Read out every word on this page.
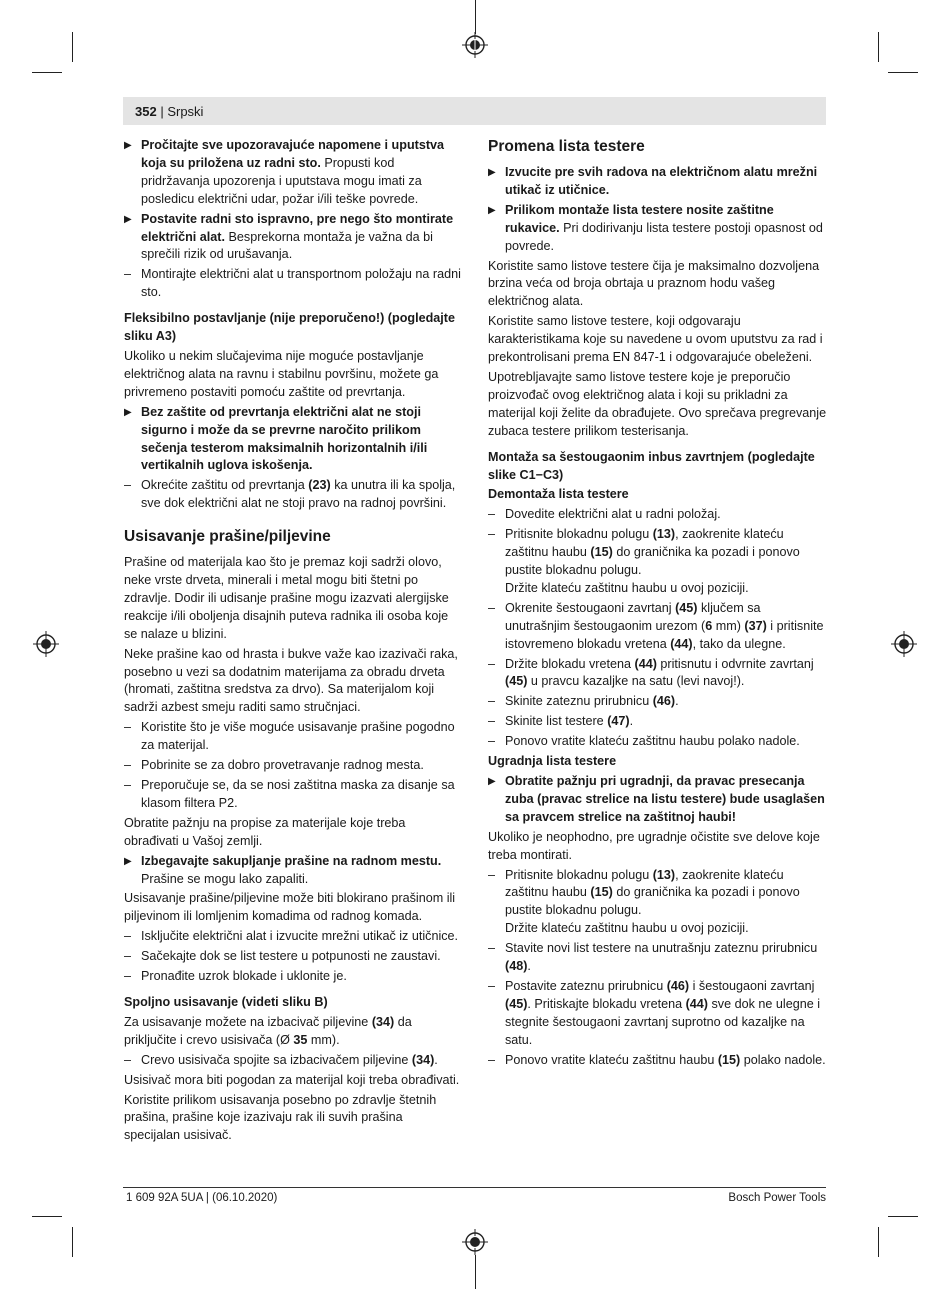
352 | Srpski
▶ Pročitajte sve upozoravajuće napomene i uputstva koja su priložena uz radni sto. Propusti kod pridržavanja upozorenja i uputstava mogu imati za posledicu električni udar, požar i/ili teške povrede.
▶ Postavite radni sto ispravno, pre nego što montirate električni alat. Besprekorna montaža je važna da bi sprečili rizik od urušavanja.
– Montirajte električni alat u transportnom položaju na radni sto.
Fleksibilno postavljanje (nije preporučeno!) (pogledajte sliku A3)
Ukoliko u nekim slučajevima nije moguće postavljanje električnog alata na ravnu i stabilnu površinu, možete ga privremeno postaviti pomoću zaštite od prevrtanja.
▶ Bez zaštite od prevrtanja električni alat ne stoji sigurno i može da se prevrne naročito prilikom sečenja testerom maksimalnih horizontalnih i/ili vertikalnih uglova iskošenja.
– Okrećite zaštitu od prevrtanja (23) ka unutra ili ka spolja, sve dok električni alat ne stoji pravo na radnoj površini.
Usisavanje prašine/piljevine
Prašine od materijala kao što je premaz koji sadrži olovo, neke vrste drveta, minerali i metal mogu biti štetni po zdravlje. Dodir ili udisanje prašine mogu izazvati alergijske reakcije i/ili oboljenja disajnih puteva radnika ili osoba koje se nalaze u blizini.
Neke prašine kao od hrasta i bukve važe kao izazivači raka, posebno u vezi sa dodatnim materijama za obradu drveta (hromati, zaštitna sredstva za drvo). Sa materijalom koji sadrži azbest smeju raditi samo stručnjaci.
– Koristite što je više moguće usisavanje prašine pogodno za materijal.
– Pobrinite se za dobro provetravanje radnog mesta.
– Preporučuje se, da se nosi zaštitna maska za disanje sa klasom filtera P2.
Obratite pažnju na propise za materijale koje treba obrađivati u Vašoj zemlji.
▶ Izbegavajte sakupljanje prašine na radnom mestu. Prašine se mogu lako zapaliti.
Usisavanje prašine/piljevine može biti blokirano prašinom ili piljevinom ili lomljenim komadima od radnog komada.
– Isključite električni alat i izvucite mrežni utikač iz utičnice.
– Sačekajte dok se list testere u potpunosti ne zaustavi.
– Pronađite uzrok blokade i uklonite je.
Spoljno usisavanje (videti sliku B)
Za usisavanje možete na izbacivač piljevine (34) da priključite i crevo usisivača (Ø 35 mm).
– Crevo usisivača spojite sa izbacivačem piljevine (34).
Usisivač mora biti pogodan za materijal koji treba obrađivati.
Koristite prilikom usisavanja posebno po zdravlje štetnih prašina, prašine koje izazivaju rak ili suvih prašina specijalan usisivač.
Promena lista testere
▶ Izvucite pre svih radova na električnom alatu mrežni utikač iz utičnice.
▶ Prilikom montaže lista testere nosite zaštitne rukavice. Pri dodirivanju lista testere postoji opasnost od povrede.
Koristite samo listove testere čija je maksimalno dozvoljena brzina veća od broja obrtaja u praznom hodu vašeg električnog alata.
Koristite samo listove testere, koji odgovaraju karakteristikama koje su navedene u ovom uputstvu za rad i prekontrolisani prema EN 847-1 i odgovarajuće obeleženi.
Upotrebljavajte samo listove testere koje je preporučio proizvođač ovog električnog alata i koji su prikladni za materijal koji želite da obrađujete. Ovo sprečava pregrevanje zubaca testere prilikom testerisanja.
Montaža sa šestougaonim inbus zavrtnjem (pogledajte slike C1−C3)
Demontaža lista testere
– Dovedite električni alat u radni položaj.
– Pritisnite blokadnu polugu (13), zaokrenite klateću zaštitnu haubu (15) do graničnika ka pozadi i ponovo pustite blokadnu polugu.
Držite klateću zaštitnu haubu u ovoj poziciji.
– Okrenite šestougaoni zavrtanj (45) ključem sa unutrašnjim šestougaonim urezom (6 mm) (37) i pritisnite istovremeno blokadu vretena (44), tako da ulegne.
– Držite blokadu vretena (44) pritisnutu i odvrnite zavrtanj (45) u pravcu kazaljke na satu (levi navoj!).
– Skinite zateznu prirubnicu (46).
– Skinite list testere (47).
– Ponovo vratite klateću zaštitnu haubu polako nadole.
Ugradnja lista testere
▶ Obratite pažnju pri ugradnji, da pravac presecanja zuba (pravac strelice na listu testere) bude usaglašen sa pravcem strelice na zaštitnoj haubi!
Ukoliko je neophodno, pre ugradnje očistite sve delove koje treba montirati.
– Pritisnite blokadnu polugu (13), zaokrenite klateću zaštitnu haubu (15) do graničnika ka pozadi i ponovo pustite blokadnu polugu.
Držite klateću zaštitnu haubu u ovoj poziciji.
– Stavite novi list testere na unutrašnju zateznu prirubnicu (48).
– Postavite zateznu prirubnicu (46) i šestougaoni zavrtanj (45). Pritiskajte blokadu vretena (44) sve dok ne ulegne i stegnite šestougaoni zavrtanj suprotno od kazaljke na satu.
– Ponovo vratite klateću zaštitnu haubu (15) polako nadole.
1 609 92A 5UA | (06.10.2020)	Bosch Power Tools
